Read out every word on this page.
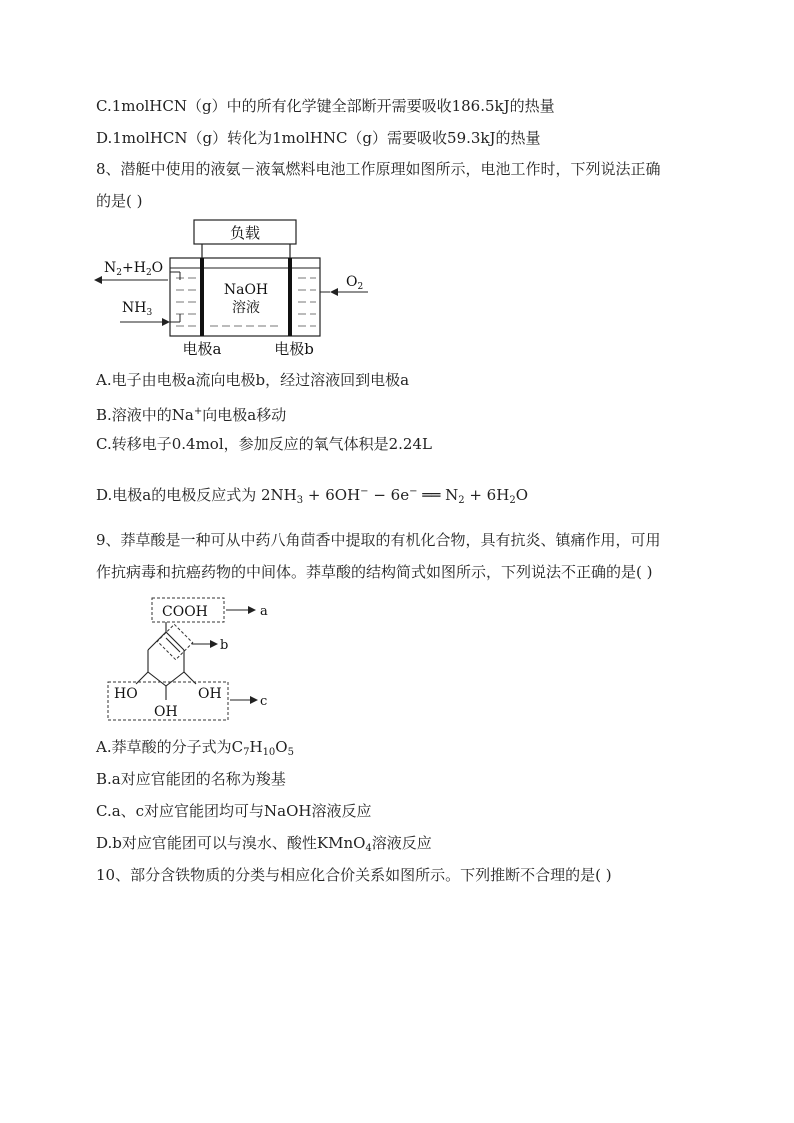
C.1molHCN（g）中的所有化学键全部断开需要吸收186.5kJ的热量
D.1molHCN（g）转化为1molHNC（g）需要吸收59.3kJ的热量
8、潜艇中使用的液氨－液氧燃料电池工作原理如图所示，电池工作时，下列说法正确
的是( )
负载
NaOH
溶液
$N_2+H_2O$
$NH_3$
$O_2$
电极a	电极b
A.电子由电极a流向电极b，经过溶液回到电极a
B.溶液中的Na+向电极a移动
C.转移电子0.4mol，参加反应的氧气体积是2.24L
D.电极a的电极反应式为 $2NH_3 + 6OH^- - 6e^-$ ══ $N_2 + 6H_2O$
9、莽草酸是一种可从中药八角茴香中提取的有机化合物，具有抗炎、镇痛作用，可用
作抗病毒和抗癌药物的中间体。莽草酸的结构简式如图所示，下列说法不正确的是( )
COOH	a
b
HO	OH
OH
c
A.莽草酸的分子式为$C_7H_{10}O_5$
B.a对应官能团的名称为羧基
C.a、c对应官能团均可与NaOH溶液反应
D.b对应官能团可以与溴水、酸性KMnO$_4$溶液反应
10、部分含铁物质的分类与相应化合价关系如图所示。下列推断不合理的是( )
